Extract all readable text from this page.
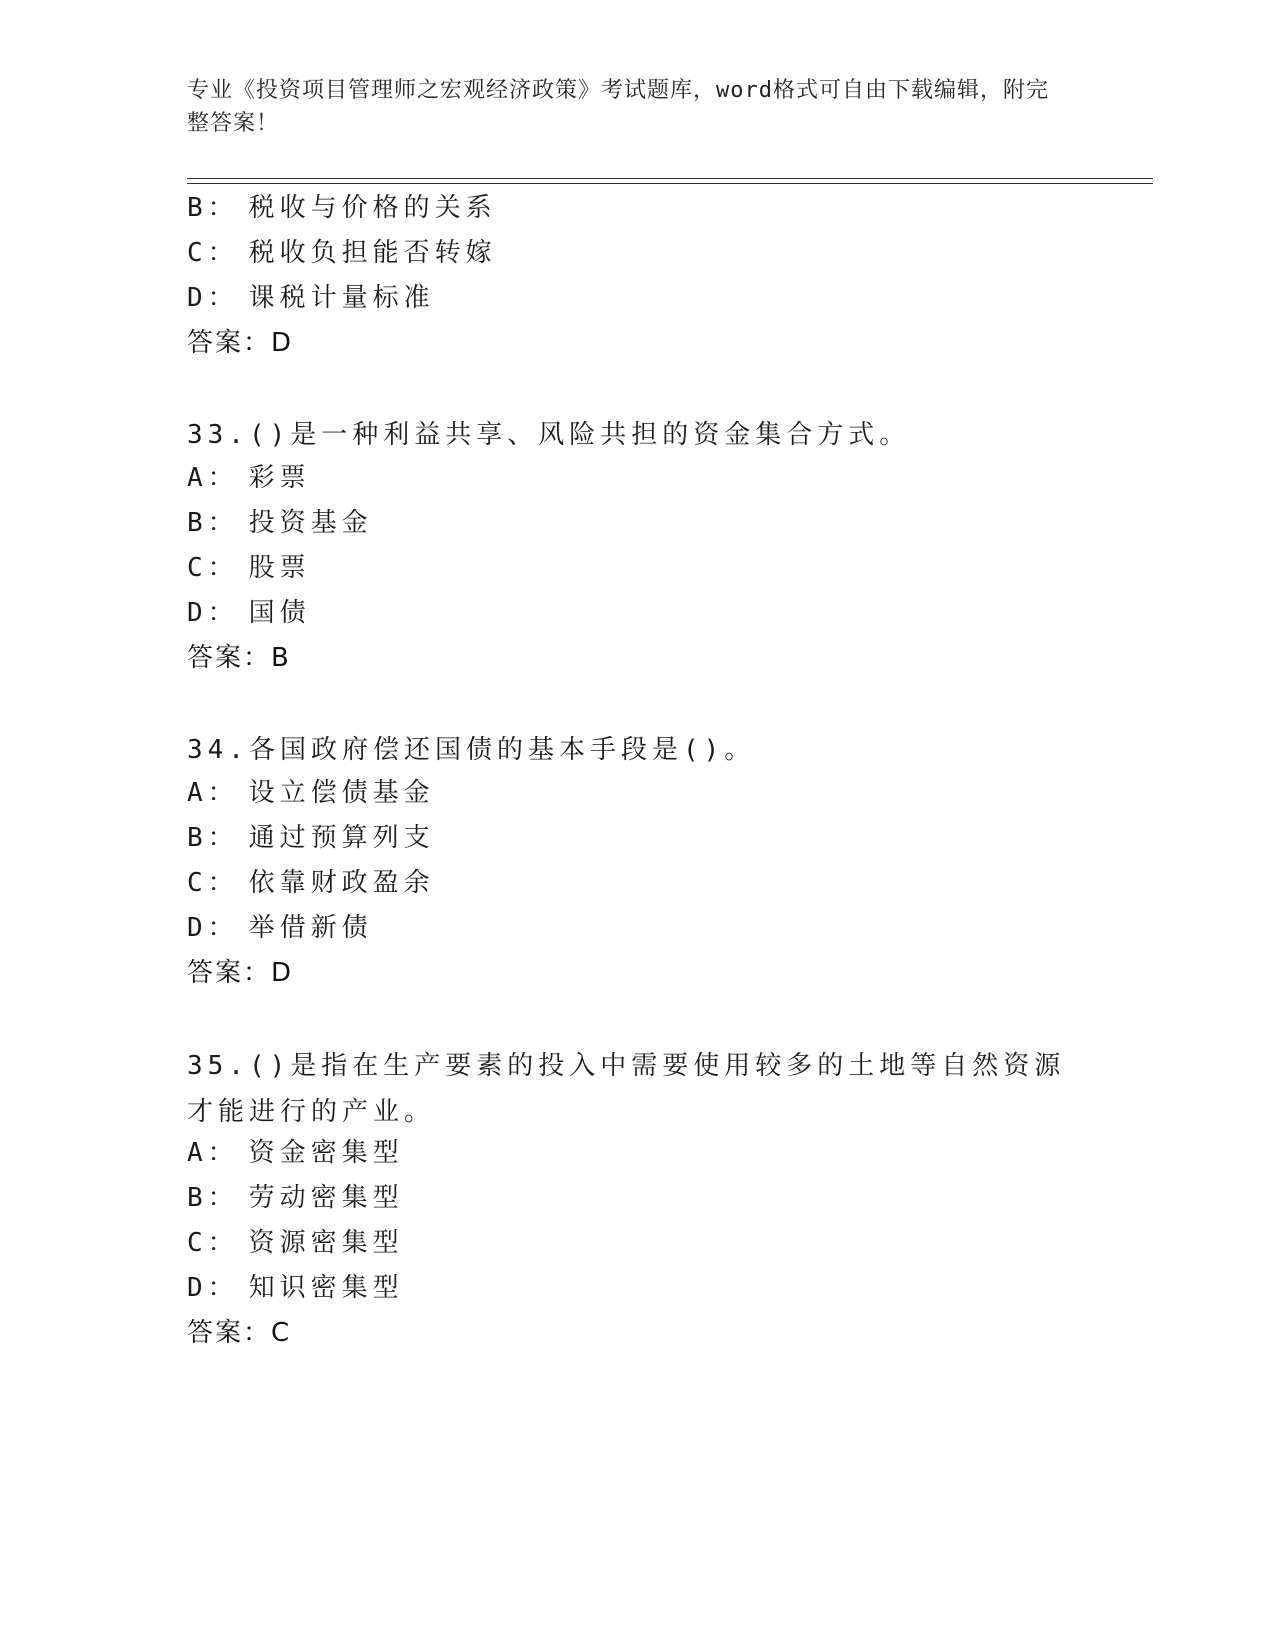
专业《投资项目管理师之宏观经济政策》考试题库，word格式可自由下载编辑，附完整答案！
B： 税收与价格的关系
C： 税收负担能否转嫁
D： 课税计量标准
答案：D
33.()是一种利益共享、风险共担的资金集合方式。
A： 彩票
B： 投资基金
C： 股票
D： 国债
答案：B
34.各国政府偿还国债的基本手段是()。
A： 设立偿债基金
B： 通过预算列支
C： 依靠财政盈余
D： 举借新债
答案：D
35.()是指在生产要素的投入中需要使用较多的土地等自然资源才能进行的产业。
A： 资金密集型
B： 劳动密集型
C： 资源密集型
D： 知识密集型
答案：C
